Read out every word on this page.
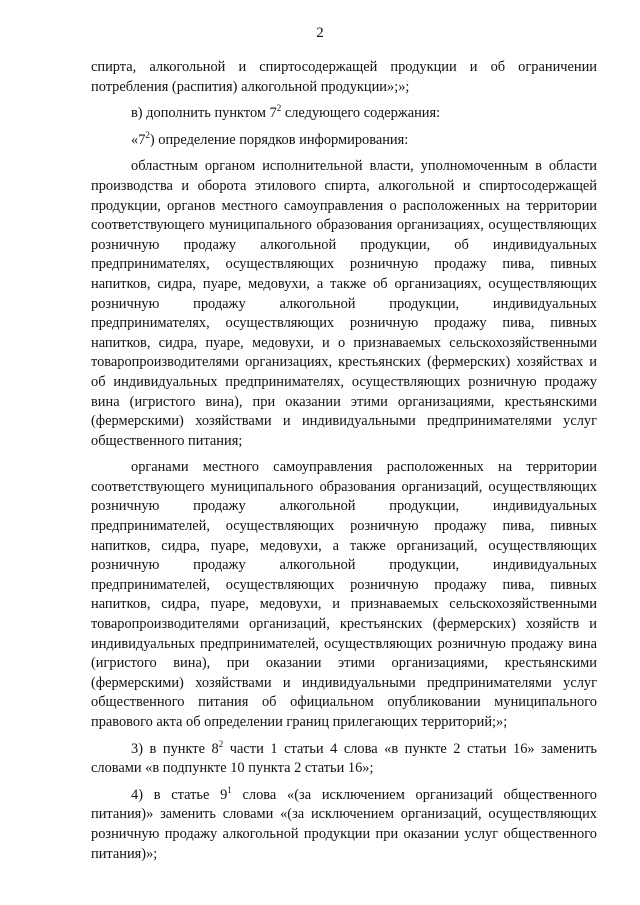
2

спирта, алкогольной и спиртосодержащей продукции и об ограничении потребления (распития) алкогольной продукции»;»;

в) дополнить пунктом $7^2$ следующего содержания:

«$7^2$) определение порядков информирования:

областным органом исполнительной власти, уполномоченным в области производства и оборота этилового спирта, алкогольной и спиртосодержащей продукции, органов местного самоуправления о расположенных на территории соответствующего муниципального образования организациях, осуществляющих розничную продажу алкогольной продукции, об индивидуальных предпринимателях, осуществляющих розничную продажу пива, пивных напитков, сидра, пуаре, медовухи, а также об организациях, осуществляющих розничную продажу алкогольной продукции, индивидуальных предпринимателях, осуществляющих розничную продажу пива, пивных напитков, сидра, пуаре, медовухи, и о признаваемых сельскохозяйственными товаропроизводителями организациях, крестьянских (фермерских) хозяйствах и об индивидуальных предпринимателях, осуществляющих розничную продажу вина (игристого вина), при оказании этими организациями, крестьянскими (фермерскими) хозяйствами и индивидуальными предпринимателями услуг общественного питания;

органами местного самоуправления расположенных на территории соответствующего муниципального образования организаций, осуществляющих розничную продажу алкогольной продукции, индивидуальных предпринимателей, осуществляющих розничную продажу пива, пивных напитков, сидра, пуаре, медовухи, а также организаций, осуществляющих розничную продажу алкогольной продукции, индивидуальных предпринимателей, осуществляющих розничную продажу пива, пивных напитков, сидра, пуаре, медовухи, и признаваемых сельскохозяйственными товаропроизводителями организаций, крестьянских (фермерских) хозяйств и индивидуальных предпринимателей, осуществляющих розничную продажу вина (игристого вина), при оказании этими организациями, крестьянскими (фермерскими) хозяйствами и индивидуальными предпринимателями услуг общественного питания об официальном опубликовании муниципального правового акта об определении границ прилегающих территорий;»;

3) в пункте $8^2$ части 1 статьи 4 слова «в пункте 2 статьи 16» заменить словами «в подпункте 10 пункта 2 статьи 16»;

4) в статье $9^1$ слова «(за исключением организаций общественного питания)» заменить словами «(за исключением организаций, осуществляющих розничную продажу алкогольной продукции при оказании услуг общественного питания)»;
